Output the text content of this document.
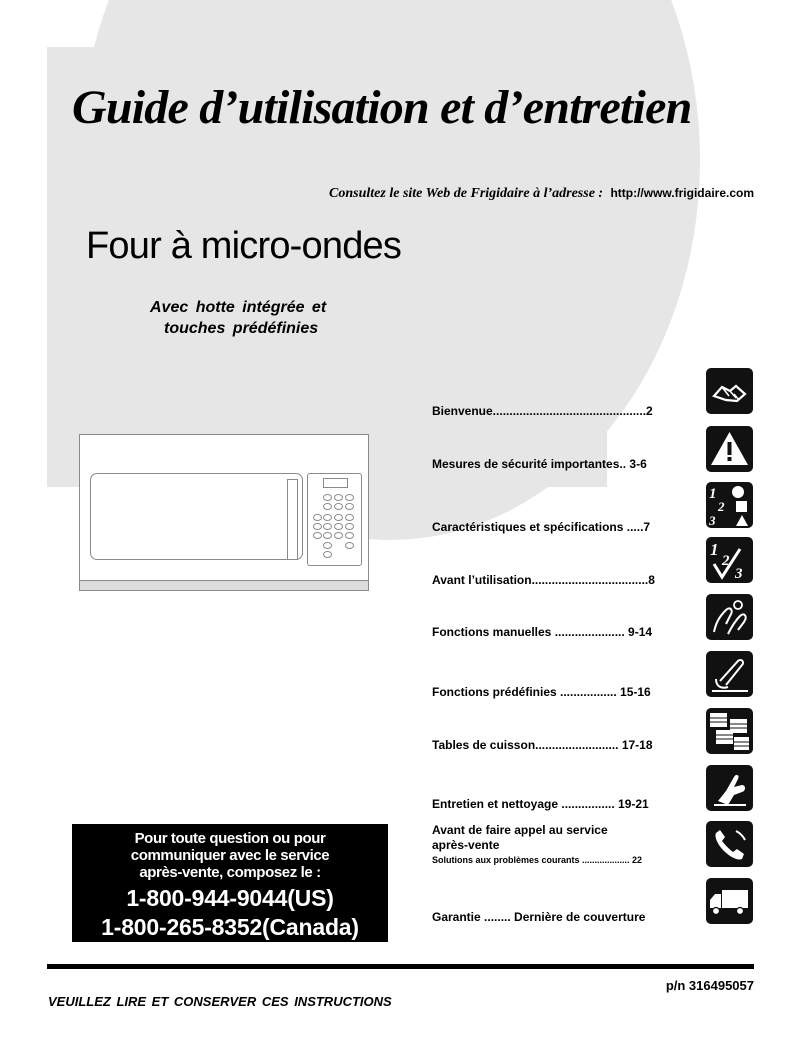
Guide d’utilisation et d’entretien
Consultez le site Web de Frigidaire à l’adresse : http://www.frigidaire.com
Four à micro-ondes
Avec hotte intégrée et
touches prédéfinies
Bienvenue..............................................2
Mesures de sécurité importantes.. 3-6
Caractéristiques et spécifications .....7
1
2
3
Avant l’utilisation...................................8
1
2
3
Fonctions manuelles ..................... 9-14
Fonctions prédéfinies ................. 15-16
Tables de cuisson......................... 17-18
Entretien et nettoyage ................ 19-21
Avant de faire appel au service
après-vente
Solutions aux problèmes courants ................... 22
Garantie ........ Dernière de couverture
Pour toute question ou pour
communiquer avec le service
après-vente, composez le :
1-800-944-9044(US)
1-800-265-8352(Canada)
p/n 316495057
VEUILLEZ LIRE ET CONSERVER CES INSTRUCTIONS
